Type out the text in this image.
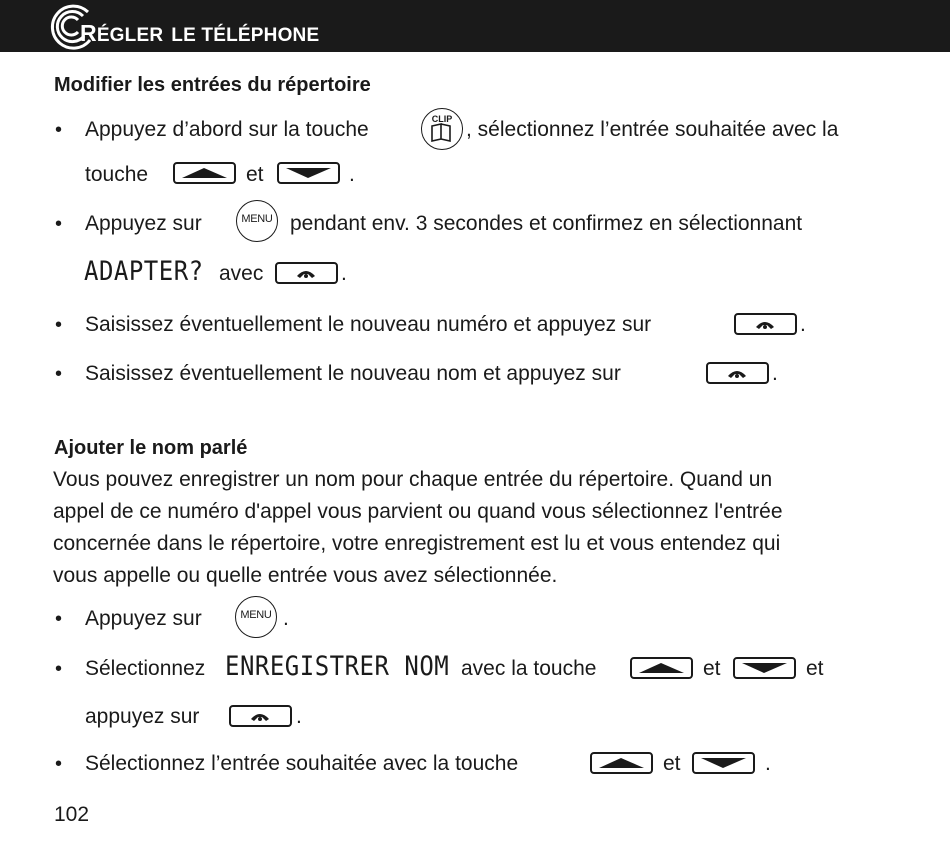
RÉGLER LE TÉLÉPHONE
Modifier les entrées du répertoire
• Appuyez d’abord sur la touche	CLIP , sélectionnez l’entrée souhaitée avec la
touche	et	.
• Appuyez sur	MENU pendant env. 3 secondes et confirmez en sélectionnant
ADAPTER? avec	.
• Saisissez éventuellement le nouveau numéro et appuyez sur	.
• Saisissez éventuellement le nouveau nom et appuyez sur	.
Ajouter le nom parlé
Vous pouvez enregistrer un nom pour chaque entrée du répertoire. Quand un
appel de ce numéro d'appel vous parvient ou quand vous sélectionnez l'entrée
concernée dans le répertoire, votre enregistrement est lu et vous entendez qui
vous appelle ou quelle entrée vous avez sélectionnée.
• Appuyez sur	MENU .
• Sélectionnez ENREGISTRER NOM avec la touche	et	et
appuyez sur	.
• Sélectionnez l’entrée souhaitée avec la touche	et	.
102
